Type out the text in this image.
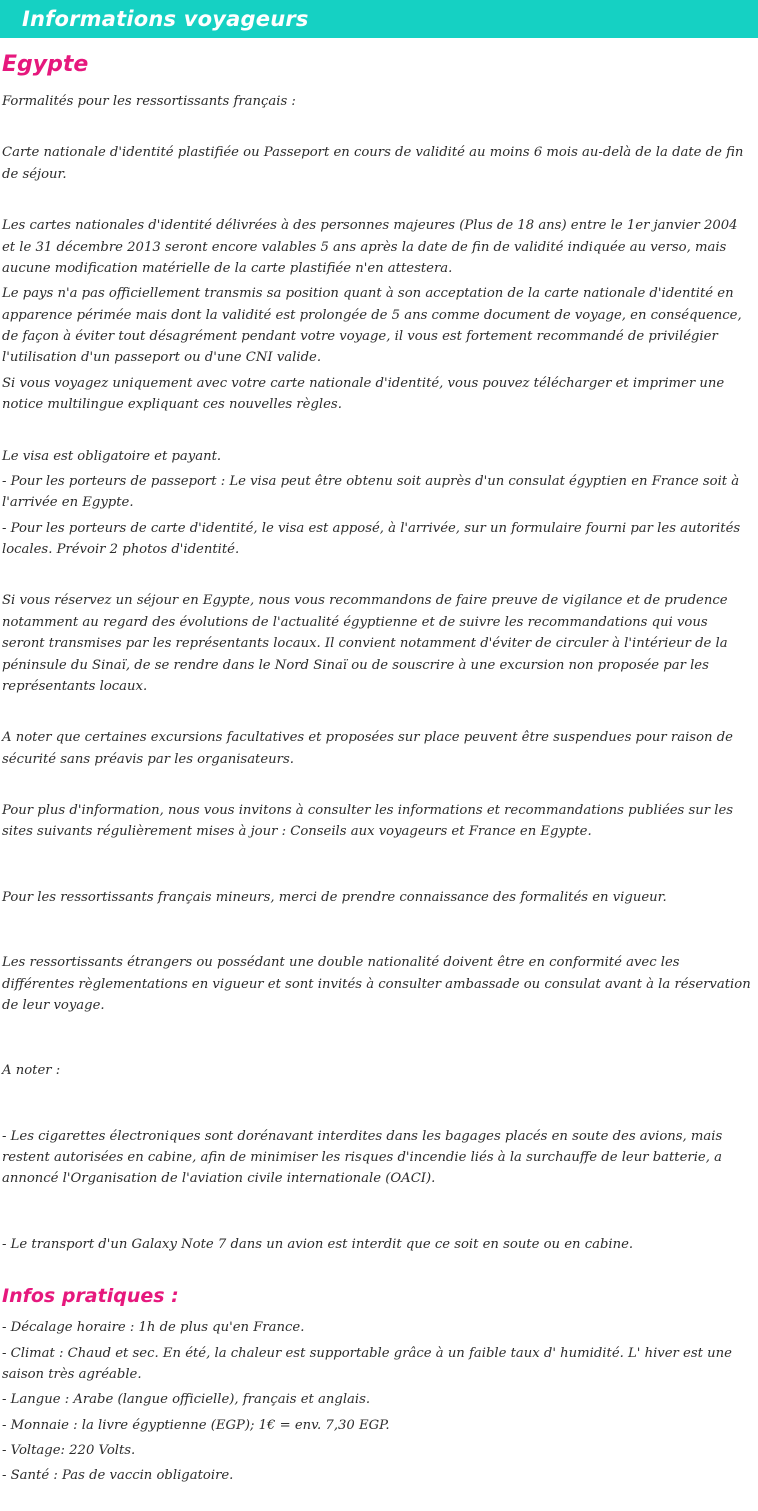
Informations voyageurs
Egypte

Formalités pour les ressortissants français :

Carte nationale d'identité plastifiée ou Passeport en cours de validité au moins 6 mois au-delà de la date de fin de séjour.

Les cartes nationales d'identité délivrées à des personnes majeures (Plus de 18 ans) entre le 1er janvier 2004 et le 31 décembre 2013 seront encore valables 5 ans après la date de fin de validité indiquée au verso, mais aucune modification matérielle de la carte plastifiée n'en attestera.

Le pays n'a pas officiellement transmis sa position quant à son acceptation de la carte nationale d'identité en apparence périmée mais dont la validité est prolongée de 5 ans comme document de voyage, en conséquence, de façon à éviter tout désagrément pendant votre voyage, il vous est fortement recommandé de privilégier l'utilisation d'un passeport ou d'une CNI valide.

Si vous voyagez uniquement avec votre carte nationale d'identité, vous pouvez télécharger et imprimer une notice multilingue expliquant ces nouvelles règles.

Le visa est obligatoire et payant.

- Pour les porteurs de passeport : Le visa peut être obtenu soit auprès d'un consulat égyptien en France soit à l'arrivée en Egypte.

- Pour les porteurs de carte d'identité, le visa est apposé, à l'arrivée, sur un formulaire fourni par les autorités locales. Prévoir 2 photos d'identité.

Si vous réservez un séjour en Egypte, nous vous recommandons de faire preuve de vigilance et de prudence notamment au regard des évolutions de l'actualité égyptienne et de suivre les recommandations qui vous seront transmises par les représentants locaux. Il convient notamment d'éviter de circuler à l'intérieur de la péninsule du Sinaï, de se rendre dans le Nord Sinaï ou de souscrire à une excursion non proposée par les représentants locaux.

A noter que certaines excursions facultatives et proposées sur place peuvent être suspendues pour raison de sécurité sans préavis par les organisateurs.

Pour plus d'information, nous vous invitons à consulter les informations et recommandations publiées sur les sites suivants régulièrement mises à jour : Conseils aux voyageurs et France en Egypte.

Pour les ressortissants français mineurs, merci de prendre connaissance des formalités en vigueur.

Les ressortissants étrangers ou possédant une double nationalité doivent être en conformité avec les différentes règlementations en vigueur et sont invités à consulter ambassade ou consulat avant à la réservation de leur voyage.

A noter :

- Les cigarettes électroniques sont dorénavant interdites dans les bagages placés en soute des avions, mais restent autorisées en cabine, afin de minimiser les risques d'incendie liés à la surchauffe de leur batterie, a annoncé l'Organisation de l'aviation civile internationale (OACI).

- Le transport d'un Galaxy Note 7 dans un avion est interdit que ce soit en soute ou en cabine.

Infos pratiques :

- Décalage horaire : 1h de plus qu'en France.

- Climat : Chaud et sec. En été, la chaleur est supportable grâce à un faible taux d' humidité. L' hiver est une saison très agréable.

- Langue : Arabe (langue officielle), français et anglais.

- Monnaie : la livre égyptienne (EGP); 1€ = env. 7,30 EGP.

- Voltage: 220 Volts.

- Santé : Pas de vaccin obligatoire.
